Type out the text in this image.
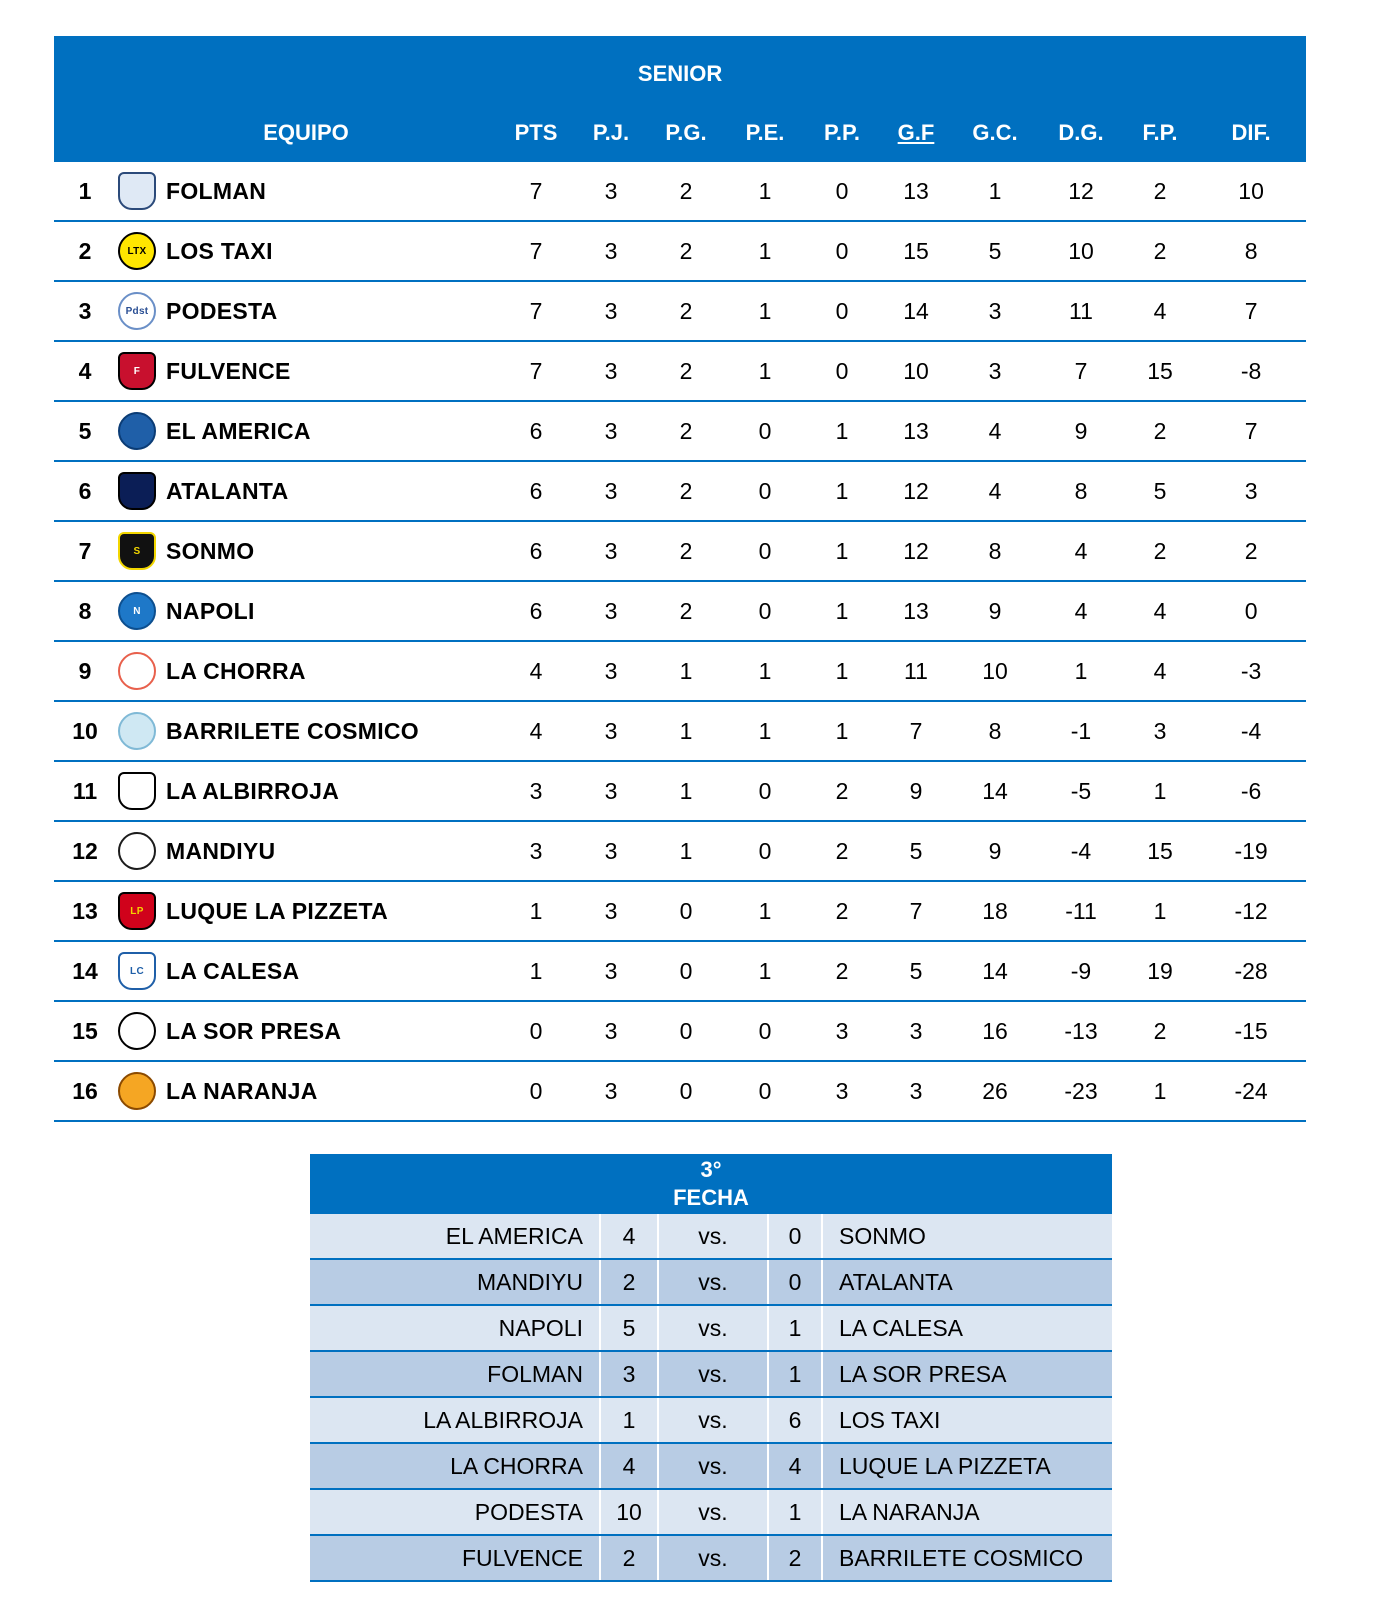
SENIOR											
	EQUIPO	PTS	P.J.	P.G.	P.E.	P.P.	G.F	G.C.	D.G.	F.P.	DIF.
1	FOLMAN	7	3	2	1	0	13	1	12	2	10
2	LTX LOS TAXI	7	3	2	1	0	15	5	10	2	8
3	Pdst PODESTA	7	3	2	1	0	14	3	11	4	7
4	F FULVENCE	7	3	2	1	0	10	3	7	15	-8
5	EL AMERICA	6	3	2	0	1	13	4	9	2	7
6	ATALANTA	6	3	2	0	1	12	4	8	5	3
7	S SONMO	6	3	2	0	1	12	8	4	2	2
8	N NAPOLI	6	3	2	0	1	13	9	4	4	0
9	LA CHORRA	4	3	1	1	1	11	10	1	4	-3
10	BARRILETE COSMICO	4	3	1	1	1	7	8	-1	3	-4
11	LA ALBIRROJA	3	3	1	0	2	9	14	-5	1	-6
12	MANDIYU	3	3	1	0	2	5	9	-4	15	-19
13	LP LUQUE LA PIZZETA	1	3	0	1	2	7	18	-11	1	-12
14	LC LA CALESA	1	3	0	1	2	5	14	-9	19	-28
15	LA SOR PRESA	0	3	0	0	3	3	16	-13	2	-15
16	LA NARANJA	0	3	0	0	3	3	26	-23	1	-24
3°
FECHA				

EL AMERICA	4	vs.	0	SONMO
MANDIYU	2	vs.	0	ATALANTA
NAPOLI	5	vs.	1	LA CALESA
FOLMAN	3	vs.	1	LA SOR PRESA
LA ALBIRROJA	1	vs.	6	LOS TAXI
LA CHORRA	4	vs.	4	LUQUE LA PIZZETA
PODESTA	10	vs.	1	LA NARANJA
FULVENCE	2	vs.	2	BARRILETE COSMICO
